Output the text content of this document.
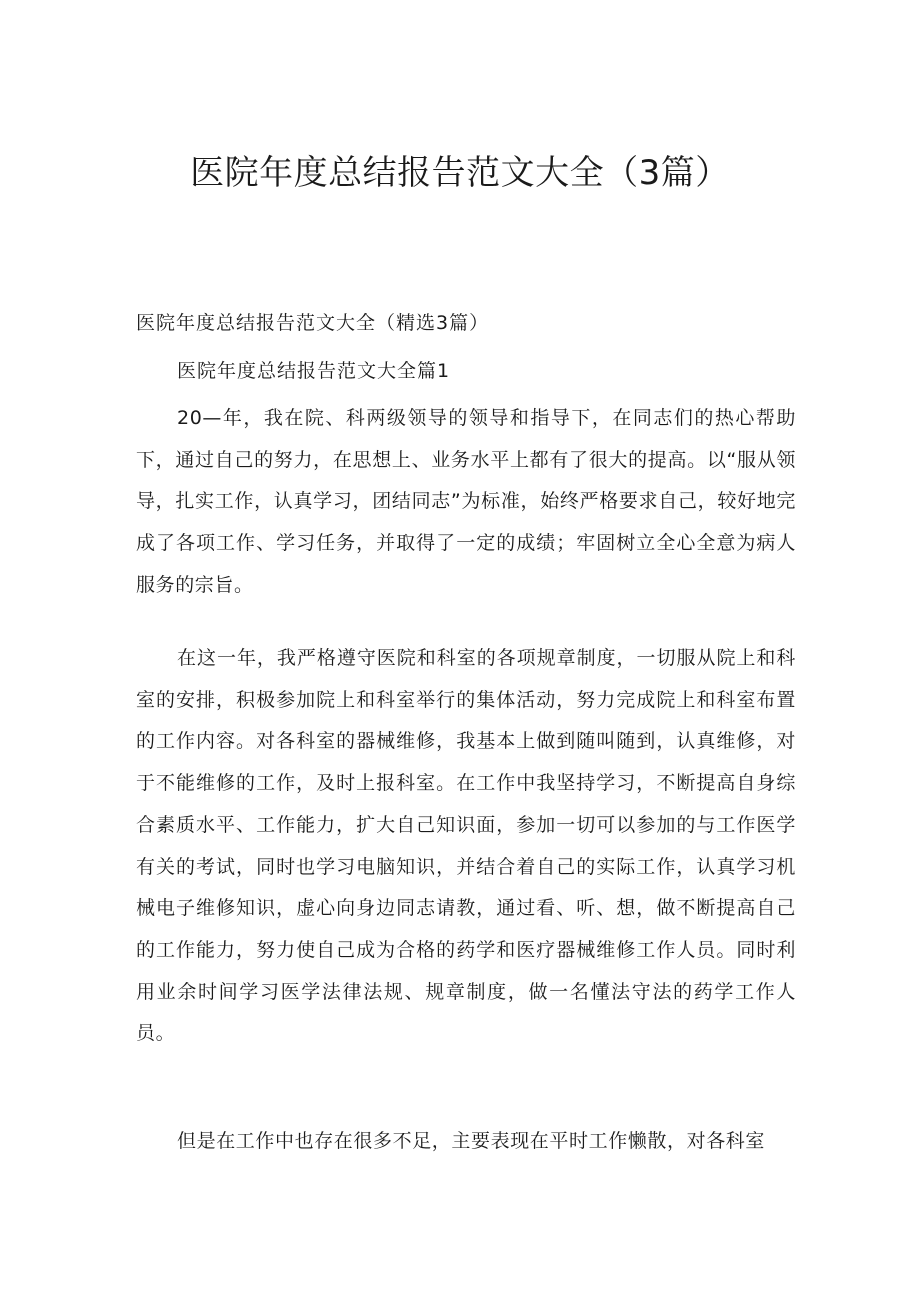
医院年度总结报告范文大全（3篇）

医院年度总结报告范文大全（精选3篇）

医院年度总结报告范文大全篇1

20—年，我在院、科两级领导的领导和指导下，在同志们的热心帮助下，通过自己的努力，在思想上、业务水平上都有了很大的提高。以“服从领导，扎实工作，认真学习，团结同志”为标准，始终严格要求自己，较好地完成了各项工作、学习任务，并取得了一定的成绩；牢固树立全心全意为病人服务的宗旨。

在这一年，我严格遵守医院和科室的各项规章制度，一切服从院上和科室的安排，积极参加院上和科室举行的集体活动，努力完成院上和科室布置的工作内容。对各科室的器械维修，我基本上做到随叫随到，认真维修，对于不能维修的工作，及时上报科室。在工作中我坚持学习，不断提高自身综合素质水平、工作能力，扩大自己知识面，参加一切可以参加的与工作医学有关的考试，同时也学习电脑知识，并结合着自己的实际工作，认真学习机械电子维修知识，虚心向身边同志请教，通过看、听、想，做不断提高自己的工作能力，努力使自己成为合格的药学和医疗器械维修工作人员。同时利用业余时间学习医学法律法规、规章制度，做一名懂法守法的药学工作人员。

但是在工作中也存在很多不足，主要表现在平时工作懒散，对各科室
